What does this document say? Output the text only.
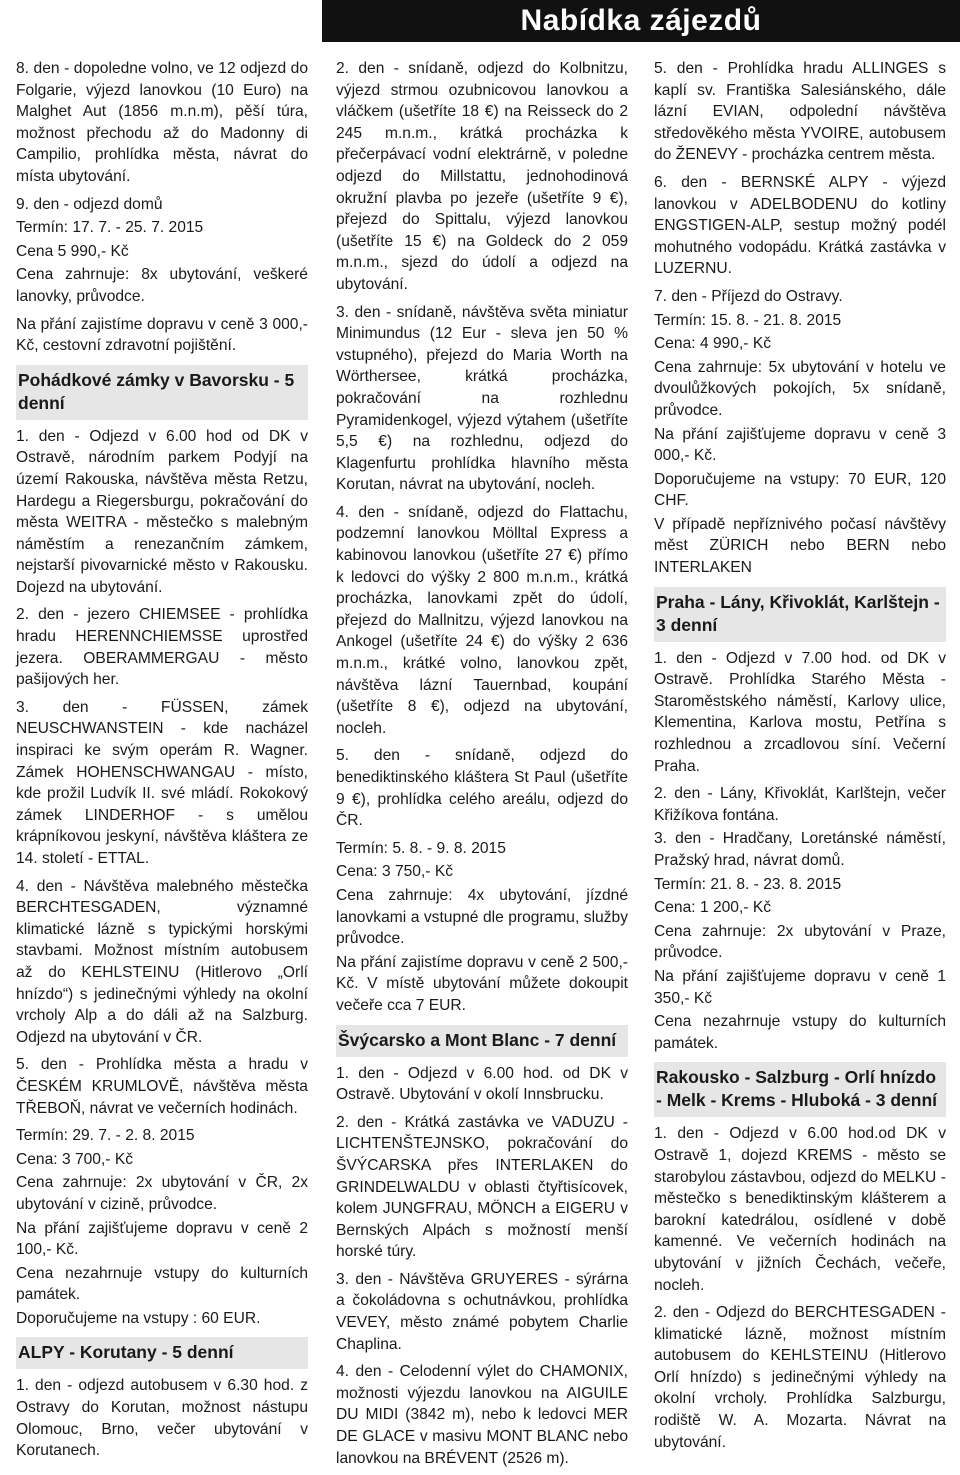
Nabídka zájezdů

8. den - dopoledne volno, ve 12 odjezd do Folgarie, výjezd lanovkou (10 Euro) na Malghet Aut (1856 m.n.m), pěší túra, možnost přechodu až do Madonny di Campilio, prohlídka města, návrat do místa ubytování.

9. den - odjezd domů

Termín: 17. 7. - 25. 7. 2015

Cena 5 990,- Kč

Cena zahrnuje: 8x ubytování, veškeré lanovky, průvodce.

Na přání zajistíme dopravu v ceně 3 000,- Kč, cestovní zdravotní pojištění.

Pohádkové zámky v Bavorsku - 5 denní

1. den - Odjezd v 6.00 hod od DK v Ostravě, národním parkem Podyjí na území Rakouska, návštěva města Retzu, Hardegu a Riegersburgu, pokračování do města WEITRA - městečko s malebným náměstím a renezančním zámkem, nejstarší pivovarnické město v Rakousku. Dojezd na ubytování.

2. den - jezero CHIEMSEE - prohlídka hradu HERENNCHIEMSSE uprostřed jezera. OBERAMMERGAU - město pašijových her.

3. den - FÜSSEN, zámek NEUSCHWANSTEIN - kde nacházel inspiraci ke svým operám R. Wagner. Zámek HOHENSCHWANGAU - místo, kde prožil Ludvík II. své mládí. Rokokový zámek LINDERHOF - s umělou krápníkovou jeskyní, návštěva kláštera ze 14. století - ETTAL.

4. den - Návštěva malebného městečka BERCHTESGADEN, významné klimatické lázně s typickými horskými stavbami. Možnost místním autobusem až do KEHLSTEINU (Hitlerovo „Orlí hnízdo“) s jedinečnými výhledy na okolní vrcholy Alp a do dáli až na Salzburg. Odjezd na ubytování v ČR.

5. den - Prohlídka města a hradu v ČESKÉM KRUMLOVĚ, návštěva města TŘEBOŇ, návrat ve večerních hodinách.

Termín: 29. 7. - 2. 8. 2015

Cena: 3 700,- Kč

Cena zahrnuje: 2x ubytování v ČR, 2x ubytování v cizině, průvodce.

Na přání zajišťujeme dopravu v ceně 2 100,- Kč.

Cena nezahrnuje vstupy do kulturních památek.

Doporučujeme na vstupy : 60 EUR.

ALPY - Korutany - 5 denní

1. den - odjezd autobusem v 6.30 hod. z Ostravy do Korutan, možnost nástupu Olomouc, Brno, večer ubytování v Korutanech.

2. den - snídaně, odjezd do Kolbnitzu, výjezd strmou ozubnicovou lanovkou a vláčkem (ušetříte 18 €) na Reisseck do 2 245 m.n.m., krátká procházka k přečerpávací vodní elektrárně, v poledne odjezd do Millstattu, jednohodinová okružní plavba po jezeře (ušetříte 9 €), přejezd do Spittalu, výjezd lanovkou (ušetříte 15 €) na Goldeck do 2 059 m.n.m., sjezd do údolí a odjezd na ubytování.

3. den - snídaně, návštěva světa miniatur Minimundus (12 Eur - sleva jen 50 % vstupného), přejezd do Maria Worth na Wörthersee, krátká procházka, pokračování na rozhlednu Pyramidenkogel, výjezd výtahem (ušetříte 5,5 €) na rozhlednu, odjezd do Klagenfurtu prohlídka hlavního města Korutan, návrat na ubytování, nocleh.

4. den - snídaně, odjezd do Flattachu, podzemní lanovkou Mölltal Express a kabinovou lanovkou (ušetříte 27 €) přímo k ledovci do výšky 2 800 m.n.m., krátká procházka, lanovkami zpět do údolí, přejezd do Mallnitzu, výjezd lanovkou na Ankogel (ušetříte 24 €) do výšky 2 636 m.n.m., krátké volno, lanovkou zpět, návštěva lázní Tauernbad, koupání (ušetříte 8 €), odjezd na ubytování, nocleh.

5. den - snídaně, odjezd do benediktinského kláštera St Paul (ušetříte 9 €), prohlídka celého areálu, odjezd do ČR.

Termín: 5. 8. - 9. 8. 2015

Cena: 3 750,- Kč

Cena zahrnuje: 4x ubytování, jízdné lanovkami a vstupné dle programu, služby průvodce.

Na přání zajistíme dopravu v ceně 2 500,- Kč. V místě ubytování můžete dokoupit večeře cca 7 EUR.

Švýcarsko a Mont Blanc - 7 denní

1. den - Odjezd v 6.00 hod. od DK v Ostravě. Ubytování v okolí Innsbrucku.

2. den - Krátká zastávka ve VADUZU - LICHTENŠTEJNSKO, pokračování do ŠVÝCARSKA přes INTERLAKEN do GRINDELWALDU v oblasti čtyřtisícovek, kolem JUNGFRAU, MÖNCH a EIGERU v Bernských Alpách s možností menší horské túry.

3. den - Návštěva GRUYERES - sýrárna a čokoládovna s ochutnávkou, prohlídka VEVEY, město známé pobytem Charlie Chaplina.

4. den - Celodenní výlet do CHAMONIX, možnosti výjezdu lanovkou na AIGUILE DU MIDI (3842 m), nebo k ledovci MER DE GLACE v masivu MONT BLANC nebo lanovkou na BRÉVENT (2526 m).

5. den - Prohlídka hradu ALLINGES s kaplí sv. Františka Salesiánského, dále lázní EVIAN, odpolední návštěva středověkého města YVOIRE, autobusem do ŽENEVY - procházka centrem města.

6. den - BERNSKÉ ALPY - výjezd lanovkou v ADELBODENU do kotliny ENGSTIGEN-ALP, sestup možný podél mohutného vodopádu. Krátká zastávka v LUZERNU.

7. den - Příjezd do Ostravy.

Termín: 15. 8. - 21. 8. 2015

Cena: 4 990,- Kč

Cena zahrnuje: 5x ubytování v hotelu ve dvoulůžkových pokojích, 5x snídaně, průvodce.

Na přání zajišťujeme dopravu v ceně 3 000,- Kč.

Doporučujeme na vstupy: 70 EUR, 120 CHF.

V případě nepříznivého počasí návštěvy měst ZÜRICH nebo BERN nebo INTERLAKEN

Praha - Lány, Křivoklát, Karlštejn - 3 denní

1. den - Odjezd v 7.00 hod. od DK v Ostravě. Prohlídka Starého Města - Staroměstského náměstí, Karlovy ulice, Klementina, Karlova mostu, Petřína s rozhlednou a zrcadlovou síní. Večerní Praha.

2. den - Lány, Křivoklát, Karlštejn, večer Křižíkova fontána.

3. den - Hradčany, Loretánské náměstí, Pražský hrad, návrat domů.

Termín: 21. 8. - 23. 8. 2015

Cena: 1 200,- Kč

Cena zahrnuje: 2x ubytování v Praze, průvodce.

Na přání zajišťujeme dopravu v ceně 1 350,- Kč

Cena nezahrnuje vstupy do kulturních památek.

Rakousko - Salzburg - Orlí hnízdo - Melk - Krems - Hluboká - 3 denní

1. den - Odjezd v 6.00 hod.od DK v Ostravě 1, dojezd KREMS - město se starobylou zástavbou, odjezd do MELKU - městečko s benediktinským klášterem a barokní katedrálou, osídlené v době kamenné. Ve večerních hodinách na ubytování v jižních Čechách, večeře, nocleh.

2. den - Odjezd do BERCHTESGADEN - klimatické lázně, možnost místním autobusem do KEHLSTEINU (Hitlerovo Orlí hnízdo) s jedinečnými výhledy na okolní vrcholy. Prohlídka Salzburgu, rodiště W. A. Mozarta. Návrat na ubytování.
